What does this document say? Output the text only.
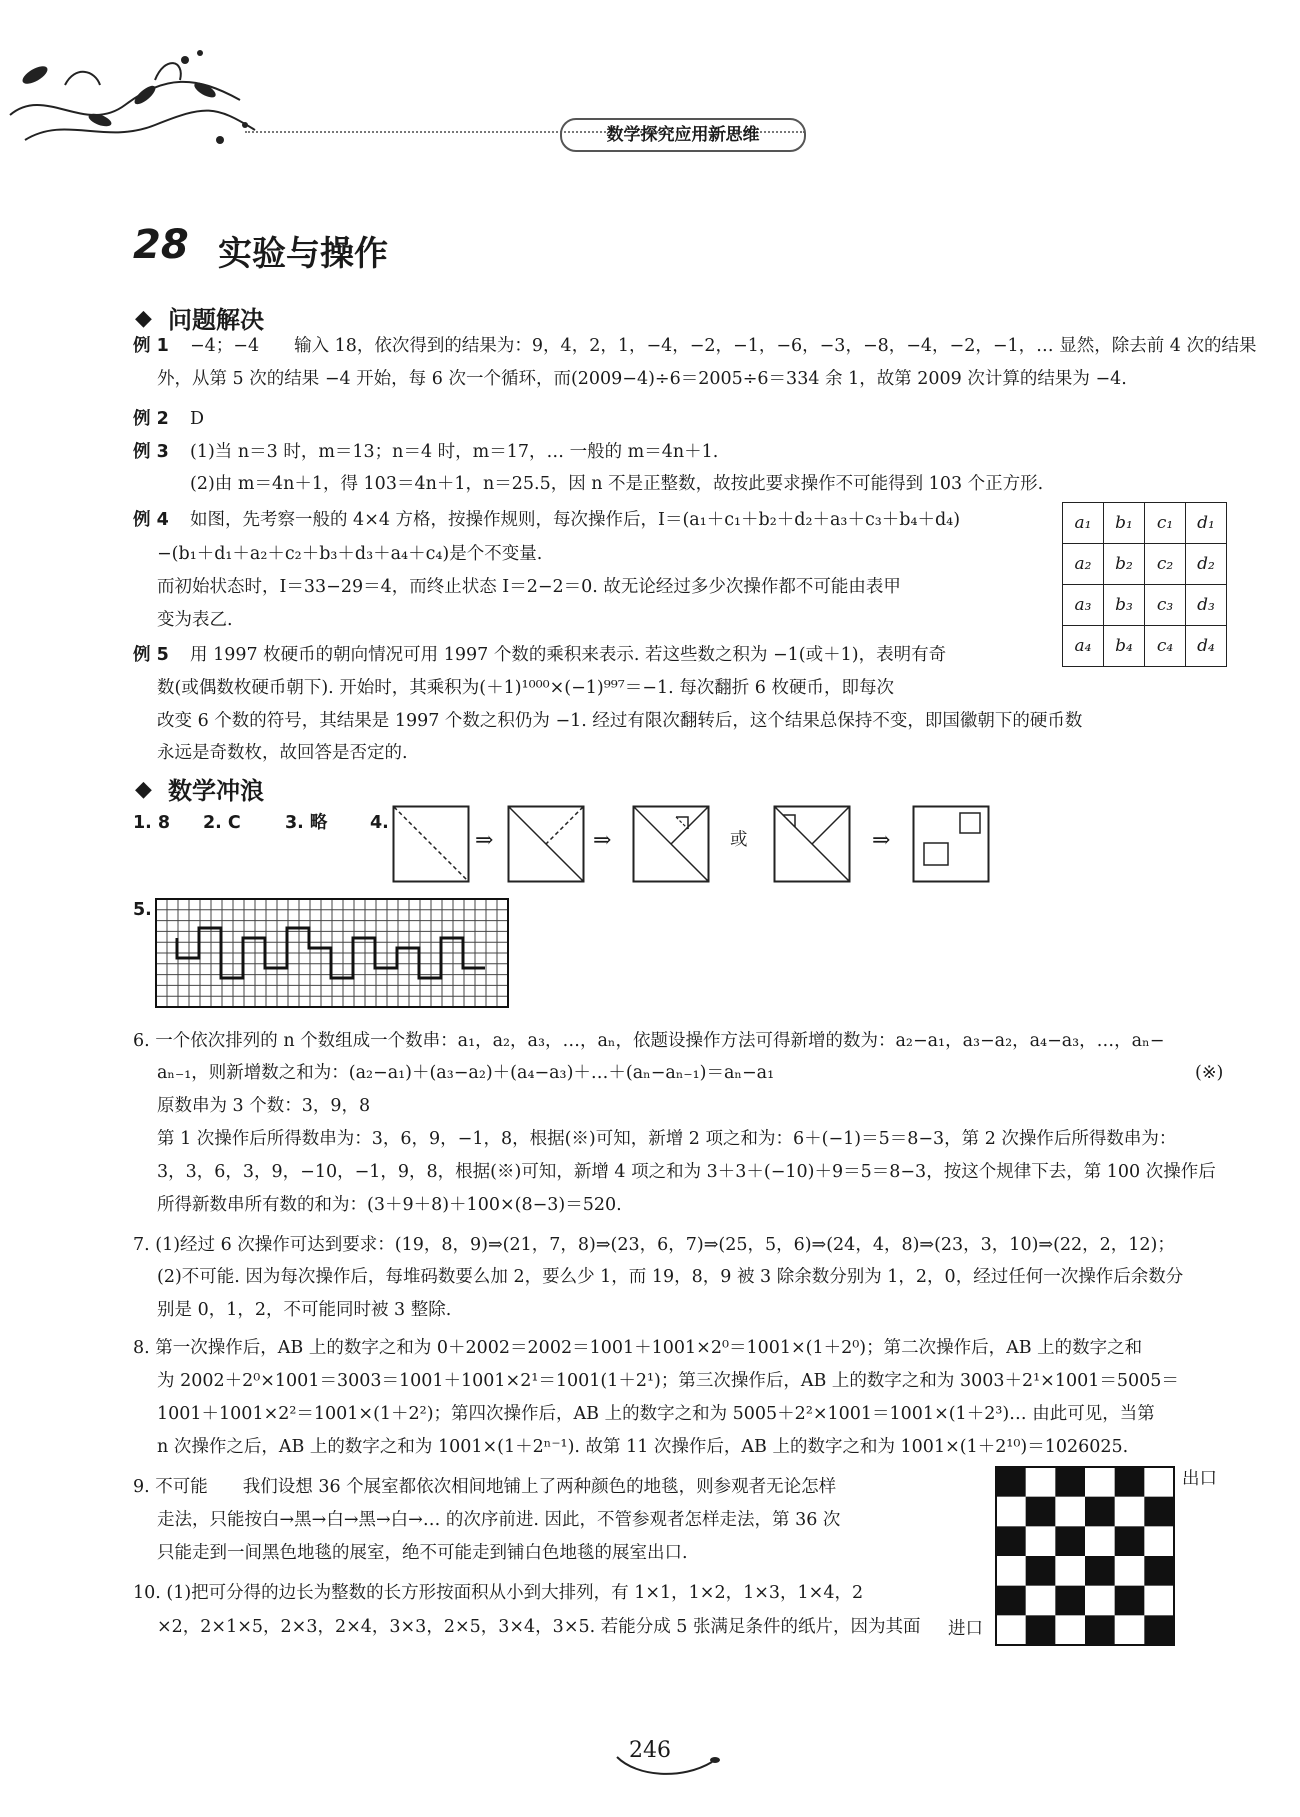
数学探究应用新思维
28 实验与操作
◆ 问题解决
例 1 −4；−4　　输入 18，依次得到的结果为：9，4，2，1，−4，−2，−1，−6，−3，−8，−4，−2，−1，… 显然，除去前 4 次的结果
外，从第 5 次的结果 −4 开始，每 6 次一个循环，而(2009−4)÷6＝2005÷6＝334 余 1，故第 2009 次计算的结果为 −4.
例 2 D
例 3 (1)当 n＝3 时，m＝13；n＝4 时，m＝17，… 一般的 m＝4n＋1.
(2)由 m＝4n＋1，得 103＝4n＋1，n＝25.5，因 n 不是正整数，故按此要求操作不可能得到 103 个正方形.
例 4 如图，先考察一般的 4×4 方格，按操作规则，每次操作后，I＝(a₁＋c₁＋b₂＋d₂＋a₃＋c₃＋b₄＋d₄)
−(b₁＋d₁＋a₂＋c₂＋b₃＋d₃＋a₄＋c₄)是个不变量.
而初始状态时，I＝33−29＝4，而终止状态 I＝2−2＝0. 故无论经过多少次操作都不可能由表甲
变为表乙.
a₁	b₁	c₁	d₁
a₂	b₂	c₂	d₂
a₃	b₃	c₃	d₃
a₄	b₄	c₄	d₄
例 5 用 1997 枚硬币的朝向情况可用 1997 个数的乘积来表示. 若这些数之积为 −1(或＋1)，表明有奇
数(或偶数枚硬币朝下). 开始时，其乘积为(＋1)¹⁰⁰⁰×(−1)⁹⁹⁷＝−1. 每次翻折 6 枚硬币，即每次
改变 6 个数的符号，其结果是 1997 个数之积仍为 −1. 经过有限次翻转后，这个结果总保持不变，即国徽朝下的硬币数
永远是奇数枚，故回答是否定的.
◆ 数学冲浪
1. 8 2. C	3. 略 4.
⇒	⇒	或	⇒
5.
6. 一个依次排列的 n 个数组成一个数串：a₁，a₂，a₃，…，aₙ，依题设操作方法可得新增的数为：a₂−a₁，a₃−a₂，a₄−a₃，…，aₙ−
aₙ₋₁，则新增数之和为：(a₂−a₁)＋(a₃−a₂)＋(a₄−a₃)＋…＋(aₙ−aₙ₋₁)＝aₙ−a₁	(※)
原数串为 3 个数：3，9，8
第 1 次操作后所得数串为：3，6，9，−1，8，根据(※)可知，新增 2 项之和为：6＋(−1)＝5＝8−3，第 2 次操作后所得数串为：
3，3，6，3，9，−10，−1，9，8，根据(※)可知，新增 4 项之和为 3＋3＋(−10)＋9＝5＝8−3，按这个规律下去，第 100 次操作后
所得新数串所有数的和为：(3＋9＋8)＋100×(8−3)＝520.
7. (1)经过 6 次操作可达到要求：(19，8，9)⇒(21，7，8)⇒(23，6，7)⇒(25，5，6)⇒(24，4，8)⇒(23，3，10)⇒(22，2，12)；
(2)不可能. 因为每次操作后，每堆码数要么加 2，要么少 1，而 19，8，9 被 3 除余数分别为 1，2，0，经过任何一次操作后余数分
别是 0，1，2，不可能同时被 3 整除.
8. 第一次操作后，AB 上的数字之和为 0＋2002＝2002＝1001＋1001×2⁰＝1001×(1＋2⁰)；第二次操作后，AB 上的数字之和
为 2002＋2⁰×1001＝3003＝1001＋1001×2¹＝1001(1＋2¹)；第三次操作后，AB 上的数字之和为 3003＋2¹×1001＝5005＝
1001＋1001×2²＝1001×(1＋2²)；第四次操作后，AB 上的数字之和为 5005＋2²×1001＝1001×(1＋2³)… 由此可见，当第
n 次操作之后，AB 上的数字之和为 1001×(1＋2ⁿ⁻¹). 故第 11 次操作后，AB 上的数字之和为 1001×(1＋2¹⁰)＝1026025.
9. 不可能　　我们设想 36 个展室都依次相间地铺上了两种颜色的地毯，则参观者无论怎样
走法，只能按白→黑→白→黑→白→… 的次序前进. 因此，不管参观者怎样走法，第 36 次
只能走到一间黑色地毯的展室，绝不可能走到铺白色地毯的展室出口.
出口
进口
10. (1)把可分得的边长为整数的长方形按面积从小到大排列，有 1×1，1×2，1×3，1×4，2
×2，2×1×5，2×3，2×4，3×3，2×5，3×4，3×5. 若能分成 5 张满足条件的纸片，因为其面
246
